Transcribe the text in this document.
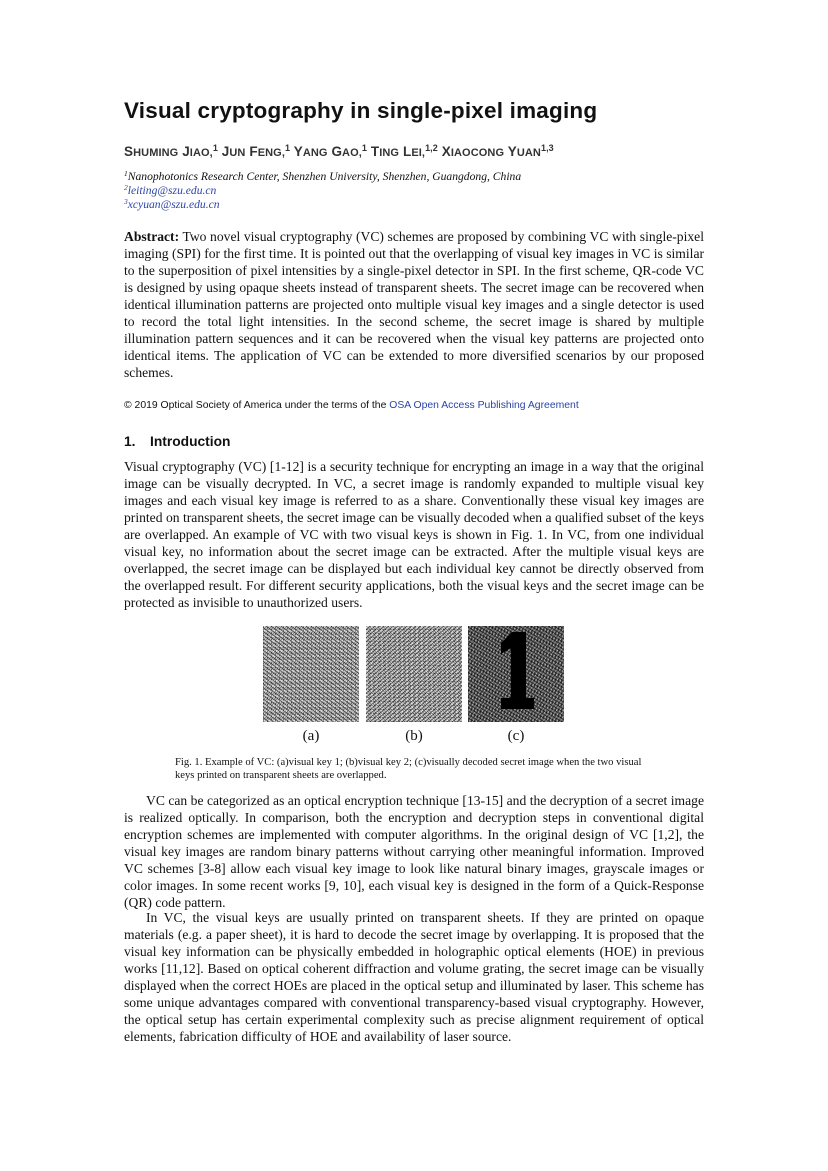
Visual cryptography in single-pixel imaging
SHUMING JIAO,$^1$ JUN FENG,$^1$ YANG GAO,$^1$ TING LEI,$^{1,2}$ XIAOCONG YUAN$^{1,3}$
$^1$Nanophotonics Research Center, Shenzhen University, Shenzhen, Guangdong, China
$^2$leiting@szu.edu.cn
$^3$xcyuan@szu.edu.cn

Abstract: Two novel visual cryptography (VC) schemes are proposed by combining VC with single-pixel imaging (SPI) for the first time. It is pointed out that the overlapping of visual key images in VC is similar to the superposition of pixel intensities by a single-pixel detector in SPI. In the first scheme, QR-code VC is designed by using opaque sheets instead of transparent sheets. The secret image can be recovered when identical illumination patterns are projected onto multiple visual key images and a single detector is used to record the total light intensities. In the second scheme, the secret image is shared by multiple illumination pattern sequences and it can be recovered when the visual key patterns are projected onto identical items. The application of VC can be extended to more diversified scenarios by our proposed schemes.

© 2019 Optical Society of America under the terms of the OSA Open Access Publishing Agreement
1. Introduction

Visual cryptography (VC) [1-12] is a security technique for encrypting an image in a way that the original image can be visually decrypted. In VC, a secret image is randomly expanded to multiple visual key images and each visual key image is referred to as a share. Conventionally these visual key images are printed on transparent sheets, the secret image can be visually decoded when a qualified subset of the keys are overlapped. An example of VC with two visual keys is shown in Fig. 1. In VC, from one individual visual key, no information about the secret image can be extracted. After the multiple visual keys are overlapped, the secret image can be displayed but each individual key cannot be directly observed from the overlapped result. For different security applications, both the visual keys and the secret image can be protected as invisible to unauthorized users.

(a)	(b)	(c)

Fig. 1. Example of VC: (a)visual key 1; (b)visual key 2; (c)visually decoded secret image when the two visual keys printed on transparent sheets are overlapped.

VC can be categorized as an optical encryption technique [13-15] and the decryption of a secret image is realized optically. In comparison, both the encryption and decryption steps in conventional digital encryption schemes are implemented with computer algorithms. In the original design of VC [1,2], the visual key images are random binary patterns without carrying other meaningful information. Improved VC schemes [3-8] allow each visual key image to look like natural binary images, grayscale images or color images. In some recent works [9, 10], each visual key is designed in the form of a Quick-Response (QR) code pattern.

In VC, the visual keys are usually printed on transparent sheets. If they are printed on opaque materials (e.g. a paper sheet), it is hard to decode the secret image by overlapping. It is proposed that the visual key information can be physically embedded in holographic optical elements (HOE) in previous works [11,12]. Based on optical coherent diffraction and volume grating, the secret image can be visually displayed when the correct HOEs are placed in the optical setup and illuminated by laser. This scheme has some unique advantages compared with conventional transparency-based visual cryptography. However, the optical setup has certain experimental complexity such as precise alignment requirement of optical elements, fabrication difficulty of HOE and availability of laser source.
